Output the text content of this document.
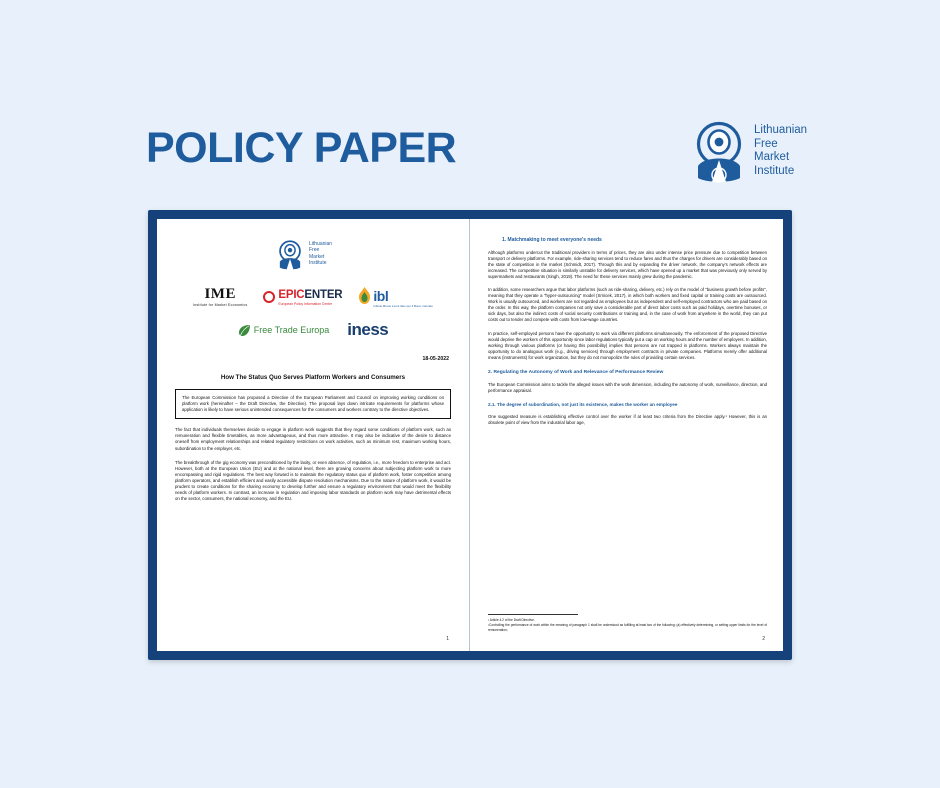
POLICY PAPER	Lithuanian
Free
Market
Institute
Lithuanian
Free
Market
Institute
IME
Institute for Market Economics
EPICENTER
European Policy Information Center	ibl
Istituto Bruno Leoni idee per il libero mercato
Free Trade Europa iness
18-05-2022
How The Status Quo Serves Platform Workers and Consumers

The European Commission has proposed a Directive of the European Parliament and Council on improving working conditions on platform work (hereinafter – the Draft Directive, the Directive). The proposal lays down intricate requirements for platforms whose application is likely to have serious unintended consequences for the consumers and workers contrary to the directive objectives.

The fact that individuals themselves decide to engage in platform work suggests that they regard some conditions of platform work, such as remuneration and flexible timetables, as more advantageous, and thus more attractive. It may also be indicative of the desire to distance oneself from employment relationships and related regulatory restrictions on work activities, such as minimum rest, maximum working hours, subordination to the employer, etc.

The breakthrough of the gig economy was preconditioned by the laxity, or even absence, of regulation, i.e., more freedom to enterprise and act. However, both at the European Union (EU) and at the national level, there are growing concerns about subjecting platform work to more encompassing and rigid regulations. The best way forward is to maintain the regulatory status quo of platform work, foster competition among platform operators, and establish efficient and easily accessible dispute resolution mechanisms. Due to the nature of platform work, it would be prudent to create conditions for the sharing economy to develop further and ensure a regulatory environment that would meet the flexibility needs of platform workers. In contrast, an increase in regulation and imposing labor standards on platform work may have detrimental effects on the sector, consumers, the national economy, and the EU.

1
1. Matchmaking to meet everyone's needs

Although platforms undercut the traditional providers in terms of prices, they are also under intense price pressure due to competition between transport or delivery platforms. For example, ride-sharing services tend to reduce fares and thus the charges for drivers are considerably based on the state of competition in the market (Schmidt, 2017). Through this and by expanding the driver network, the company's network effects are increased. The competitive situation is similarly unstable for delivery services, which have opened up a market that was previously only served by supermarkets and restaurants (Singh, 2019). The need for these services mainly grew during the pandemic.

In addition, some researchers argue that labor platforms (such as ride-sharing, delivery, etc.) rely on the model of "business growth before profits", meaning that they operate a "hyper-outsourcing" model (Srnicek, 2017), in which both workers and fixed capital or training costs are outsourced. Work is usually outsourced, and workers are not regarded as employees but as independent and self-employed contractors who are paid based on the order. In this way, the platform companies not only save a considerable part of direct labor costs such as paid holidays, overtime bonuses, or sick days, but also the indirect costs of social security contributions or training and, in the case of work from anywhere in the world, they can put costs out to tender and compete with costs from low-wage countries.

In practice, self-employed persons have the opportunity to work via different platforms simultaneously. The enforcement of the proposed Directive would deprive the workers of this opportunity since labor regulations typically put a cap on working hours and the number of employers. In addition, working through various platforms (or having this possibility) implies that persons are not trapped in platforms. Workers always maintain the opportunity to do analogous work (e.g., driving services) through employment contracts in private companies. Platforms merely offer additional means (instruments) for work organization, but they do not monopolize the rules of providing certain services.

2. Regulating the Autonomy of Work and Relevance of Performance Review

The European Commission aims to tackle the alleged issues with the work dimension, including the autonomy of work, surveillance, direction, and performance appraisal.

2.1. The degree of subordination, not just its existence, makes the worker an employee

One suggested measure is establishing effective control over the worker if at least two criteria from the Directive apply.¹ However, this is an obsolete point of view from the industrial labor age,

¹ Article 4.2 of the Draft Directive.

¹Controlling the performance of work within the meaning of paragraph 1 shall be understood as fulfilling at least two of the following: (a) effectively determining, or setting upper limits for the level of remuneration;

2
